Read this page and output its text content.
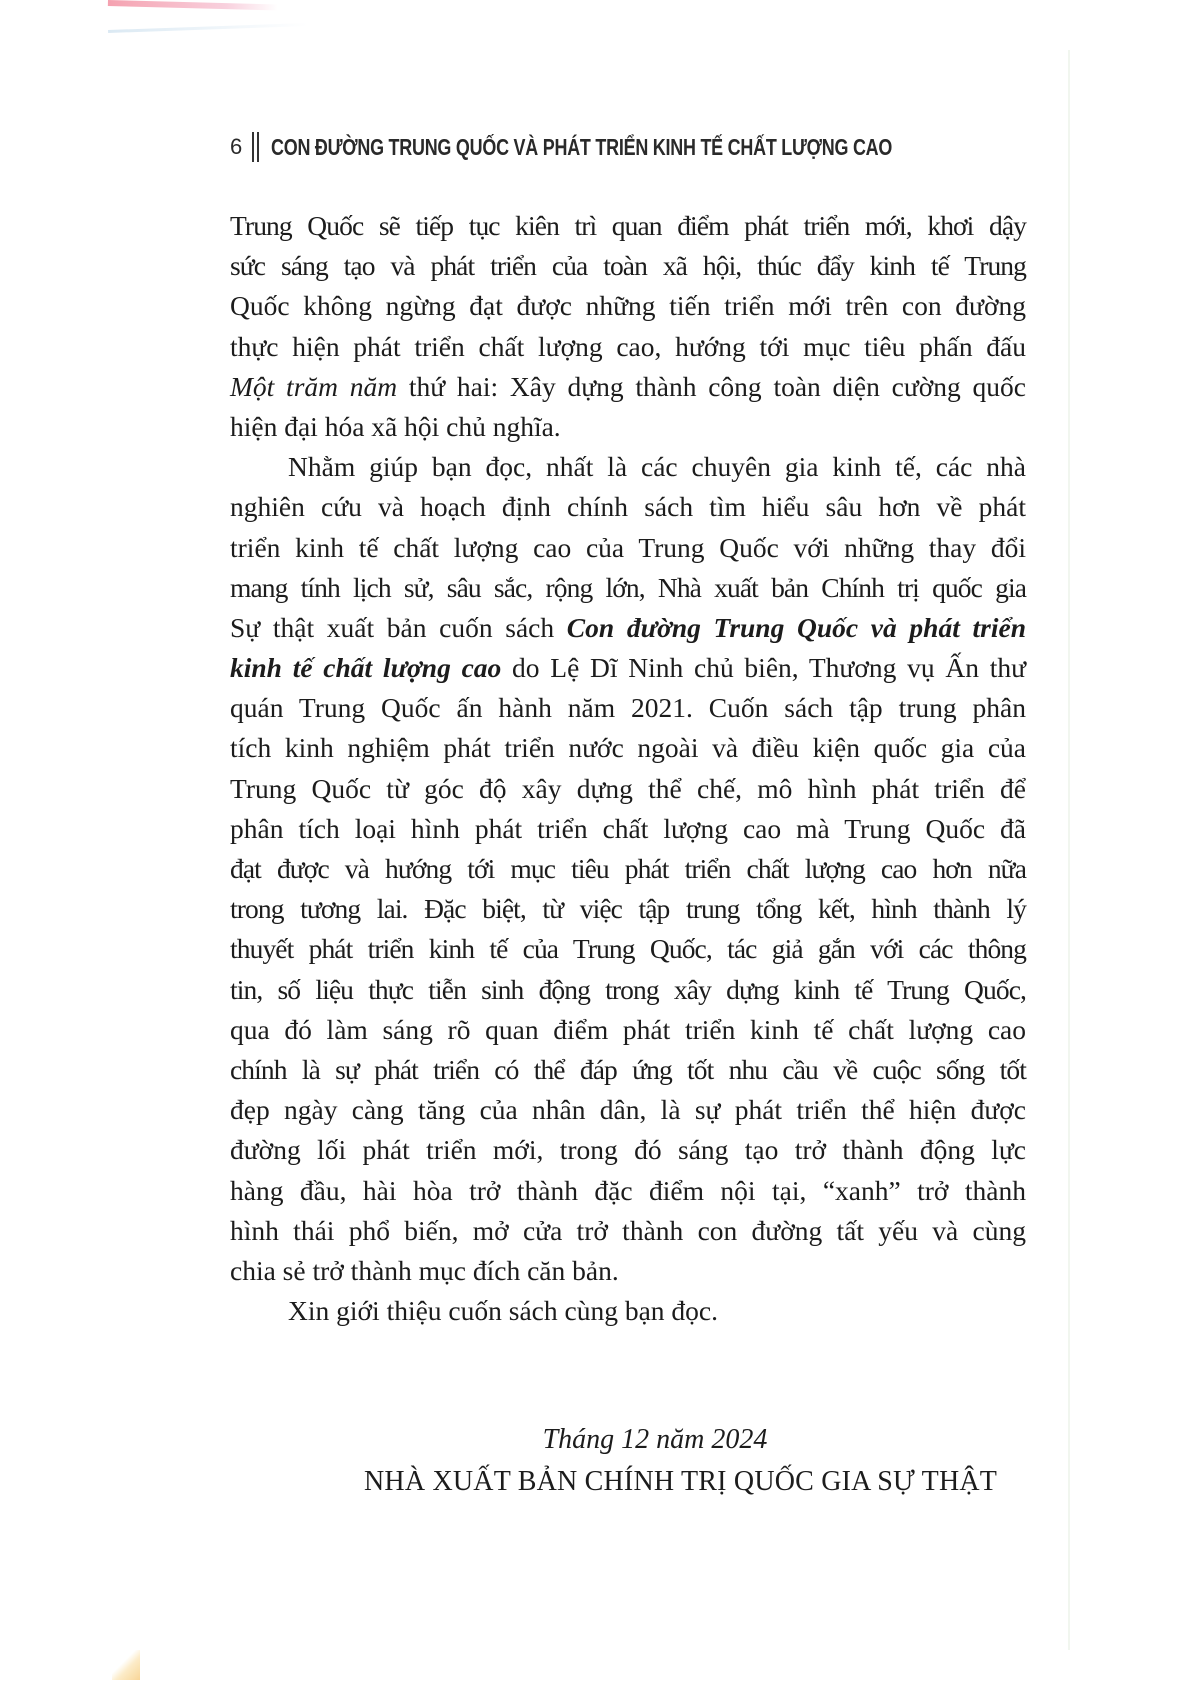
6 CON ĐƯỜNG TRUNG QUỐC VÀ PHÁT TRIỂN KINH TẾ CHẤT LƯỢNG CAO
Trung Quốc sẽ tiếp tục kiên trì quan điểm phát triển mới, khơi dậy
sức sáng tạo và phát triển của toàn xã hội, thúc đẩy kinh tế Trung
Quốc không ngừng đạt được những tiến triển mới trên con đường
thực hiện phát triển chất lượng cao, hướng tới mục tiêu phấn đấu
Một trăm năm thứ hai: Xây dựng thành công toàn diện cường quốc
hiện đại hóa xã hội chủ nghĩa.
Nhằm giúp bạn đọc, nhất là các chuyên gia kinh tế, các nhà
nghiên cứu và hoạch định chính sách tìm hiểu sâu hơn về phát
triển kinh tế chất lượng cao của Trung Quốc với những thay đổi
mang tính lịch sử, sâu sắc, rộng lớn, Nhà xuất bản Chính trị quốc gia
Sự thật xuất bản cuốn sách Con đường Trung Quốc và phát triển
kinh tế chất lượng cao do Lệ Dĩ Ninh chủ biên, Thương vụ Ấn thư
quán Trung Quốc ấn hành năm 2021. Cuốn sách tập trung phân
tích kinh nghiệm phát triển nước ngoài và điều kiện quốc gia của
Trung Quốc từ góc độ xây dựng thể chế, mô hình phát triển để
phân tích loại hình phát triển chất lượng cao mà Trung Quốc đã
đạt được và hướng tới mục tiêu phát triển chất lượng cao hơn nữa
trong tương lai. Đặc biệt, từ việc tập trung tổng kết, hình thành lý
thuyết phát triển kinh tế của Trung Quốc, tác giả gắn với các thông
tin, số liệu thực tiễn sinh động trong xây dựng kinh tế Trung Quốc,
qua đó làm sáng rõ quan điểm phát triển kinh tế chất lượng cao
chính là sự phát triển có thể đáp ứng tốt nhu cầu về cuộc sống tốt
đẹp ngày càng tăng của nhân dân, là sự phát triển thể hiện được
đường lối phát triển mới, trong đó sáng tạo trở thành động lực
hàng đầu, hài hòa trở thành đặc điểm nội tại, “xanh” trở thành
hình thái phổ biến, mở cửa trở thành con đường tất yếu và cùng
chia sẻ trở thành mục đích căn bản.
Xin giới thiệu cuốn sách cùng bạn đọc.
Tháng 12 năm 2024
NHÀ XUẤT BẢN CHÍNH TRỊ QUỐC GIA SỰ THẬT
